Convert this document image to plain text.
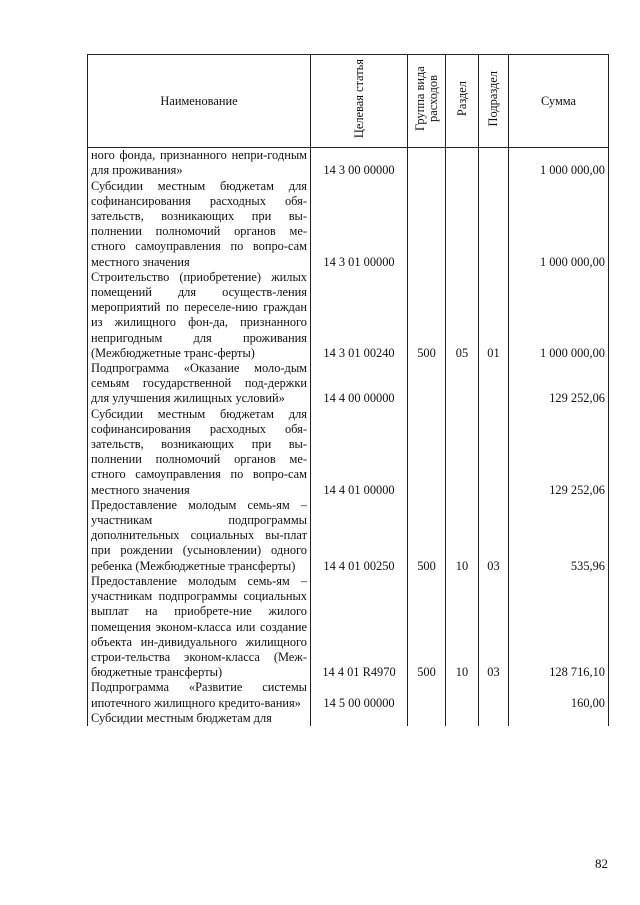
Наименование	Целевая статья	Группа вида расходов	Раздел	Подраздел	Сумма
ного фонда, признанного непри-годным для проживания»	14 3 00 00000				1 000 000,00
Субсидии местным бюджетам для софинансирования расходных обя-зательств, возникающих при вы-полнении полномочий органов ме-стного самоуправления по вопро-сам местного значения	14 3 01 00000				1 000 000,00
Строительство (приобретение) жилых помещений для осуществ-ления мероприятий по переселе-нию граждан из жилищного фон-да, признанного непригодным для проживания (Межбюджетные транс-ферты)	14 3 01 00240	500	05	01	1 000 000,00
Подпрограмма «Оказание моло-дым семьям государственной под-держки для улучшения жилищных условий»	14 4 00 00000				129 252,06
Субсидии местным бюджетам для софинансирования расходных обя-зательств, возникающих при вы-полнении полномочий органов ме-стного самоуправления по вопро-сам местного значения	14 4 01 00000				129 252,06
Предоставление молодым семь-ям – участникам подпрограммы дополнительных социальных вы-плат при рождении (усыновлении) одного ребенка (Межбюджетные трансферты)	14 4 01 00250	500	10	03	535,96
Предоставление молодым семь-ям – участникам подпрограммы социальных выплат на приобрете-ние жилого помещения эконом-класса или создание объекта ин-дивидуального жилищного строи-тельства эконом-класса (Меж-бюджетные трансферты)	14 4 01 R4970	500	10	03	128 716,10
Подпрограмма «Развитие системы ипотечного жилищного кредито-вания»	14 5 00 00000				160,00
Субсидии местным бюджетам для					
82
